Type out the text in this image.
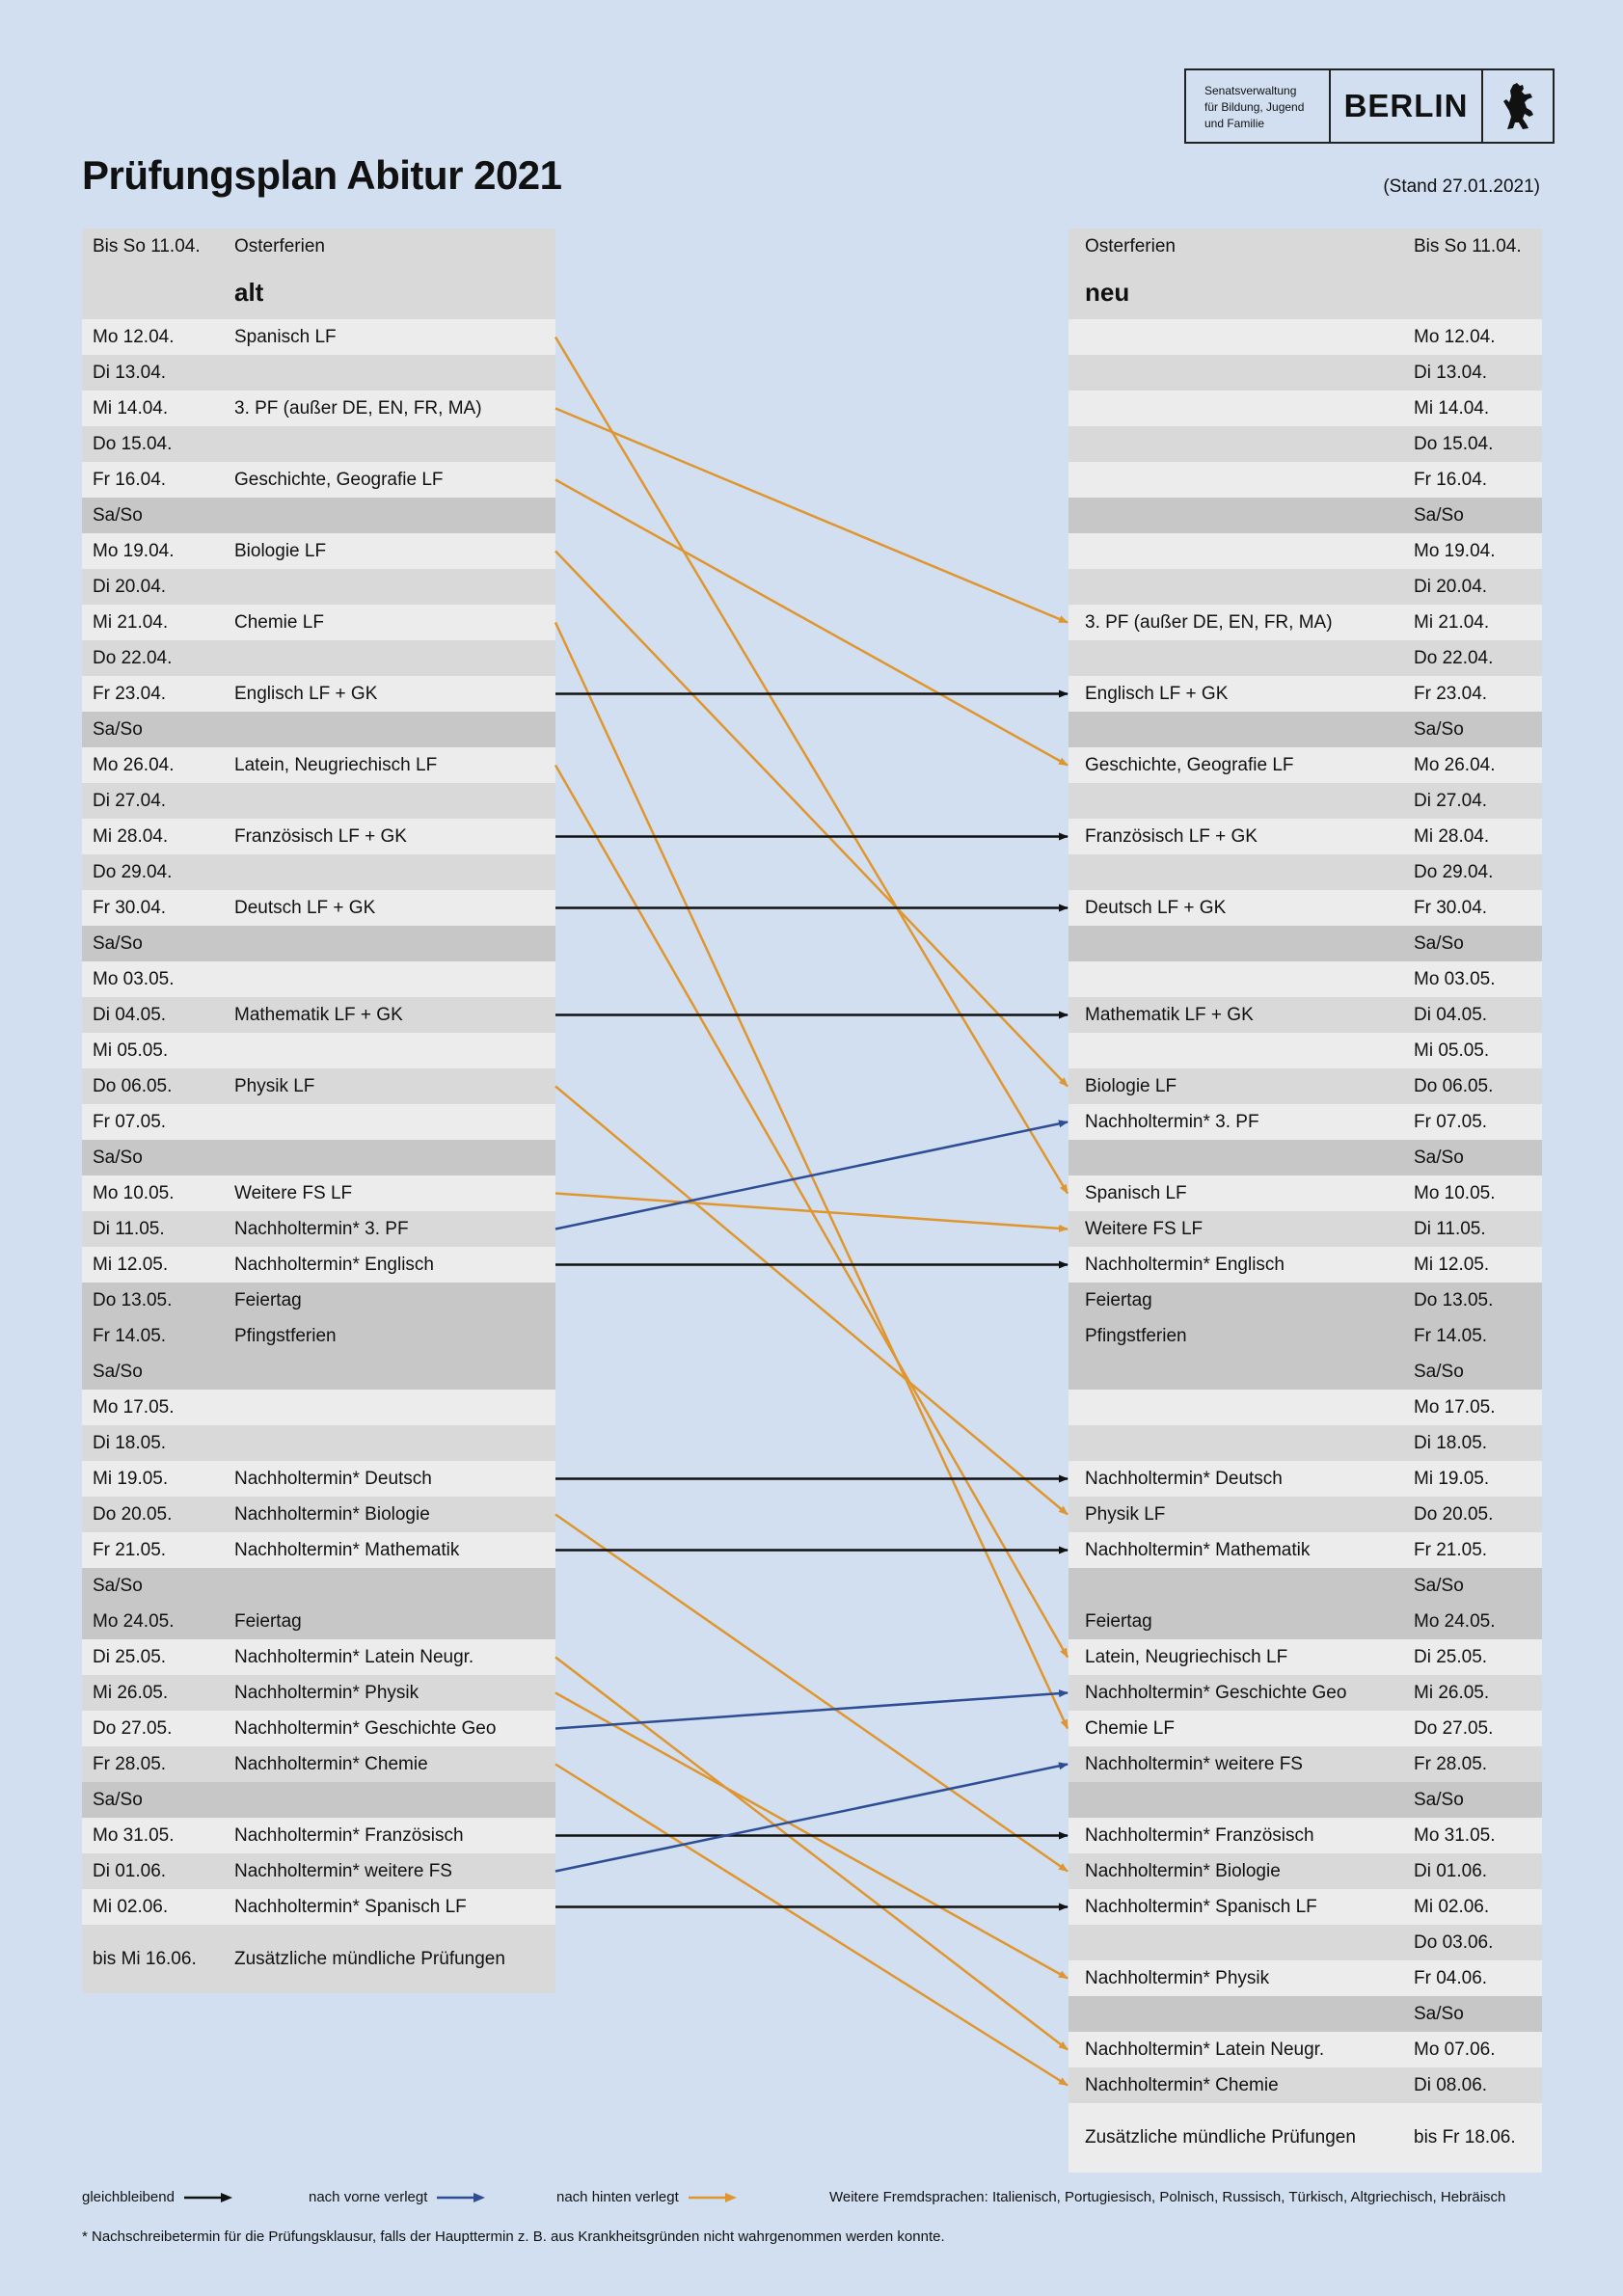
Senatsverwaltung
für Bildung, Jugend
und Familie	BERLIN
Prüfungsplan Abitur 2021	(Stand 27.01.2021)
Bis So 11.04.	Osterferien
alt
Mo 12.04.	Spanisch LF
Di 13.04.
Mi 14.04.	3. PF (außer DE, EN, FR, MA)
Do 15.04.
Fr 16.04.	Geschichte, Geografie LF
Sa/So
Mo 19.04.	Biologie LF
Di 20.04.
Mi 21.04.	Chemie LF
Do 22.04.
Fr 23.04.	Englisch LF + GK
Sa/So
Mo 26.04.	Latein, Neugriechisch LF
Di 27.04.
Mi 28.04.	Französisch LF + GK
Do 29.04.
Fr 30.04.	Deutsch LF + GK
Sa/So
Mo 03.05.
Di 04.05.	Mathematik LF + GK
Mi 05.05.
Do 06.05.	Physik LF
Fr 07.05.
Sa/So
Mo 10.05.	Weitere FS LF
Di 11.05.	Nachholtermin* 3. PF
Mi 12.05.	Nachholtermin* Englisch
Do 13.05.	Feiertag
Fr 14.05.	Pfingstferien
Sa/So
Mo 17.05.
Di 18.05.
Mi 19.05.	Nachholtermin* Deutsch
Do 20.05.	Nachholtermin* Biologie
Fr 21.05.	Nachholtermin* Mathematik
Sa/So
Mo 24.05.	Feiertag
Di 25.05.	Nachholtermin* Latein Neugr.
Mi 26.05.	Nachholtermin* Physik
Do 27.05.	Nachholtermin* Geschichte Geo
Fr 28.05.	Nachholtermin* Chemie
Sa/So
Mo 31.05.	Nachholtermin* Französisch
Di 01.06.	Nachholtermin* weitere FS
Mi 02.06.	Nachholtermin* Spanisch LF
bis Mi 16.06.	Zusätzliche mündliche Prüfungen
Osterferien	Bis So 11.04.
neu
Mo 12.04.
Di 13.04.
Mi 14.04.
Do 15.04.
Fr 16.04.
Sa/So
Mo 19.04.
Di 20.04.
3. PF (außer DE, EN, FR, MA)	Mi 21.04.
Do 22.04.
Englisch LF + GK	Fr 23.04.
Sa/So
Geschichte, Geografie LF	Mo 26.04.
Di 27.04.
Französisch LF + GK	Mi 28.04.
Do 29.04.
Deutsch LF + GK	Fr 30.04.
Sa/So
Mo 03.05.
Mathematik LF + GK	Di 04.05.
Mi 05.05.
Biologie LF	Do 06.05.
Nachholtermin* 3. PF	Fr 07.05.
Sa/So
Spanisch LF	Mo 10.05.
Weitere FS LF	Di 11.05.
Nachholtermin* Englisch	Mi 12.05.
Feiertag	Do 13.05.
Pfingstferien	Fr 14.05.
Sa/So
Mo 17.05.
Di 18.05.
Nachholtermin* Deutsch	Mi 19.05.
Physik LF	Do 20.05.
Nachholtermin* Mathematik	Fr 21.05.
Sa/So
Feiertag	Mo 24.05.
Latein, Neugriechisch LF	Di 25.05.
Nachholtermin* Geschichte Geo	Mi 26.05.
Chemie LF	Do 27.05.
Nachholtermin* weitere FS	Fr 28.05.
Sa/So
Nachholtermin* Französisch	Mo 31.05.
Nachholtermin* Biologie	Di 01.06.
Nachholtermin* Spanisch LF	Mi 02.06.
Do 03.06.
Nachholtermin* Physik	Fr 04.06.
Sa/So
Nachholtermin* Latein Neugr.	Mo 07.06.
Nachholtermin* Chemie	Di 08.06.
Zusätzliche mündliche Prüfungen	bis Fr 18.06.
gleichbleibend	nach vorne verlegt	nach hinten verlegt	Weitere Fremdsprachen: Italienisch, Portugiesisch, Polnisch, Russisch, Türkisch, Altgriechisch, Hebräisch
* Nachschreibetermin für die Prüfungsklausur, falls der Haupttermin z. B. aus Krankheitsgründen nicht wahrgenommen werden konnte.
